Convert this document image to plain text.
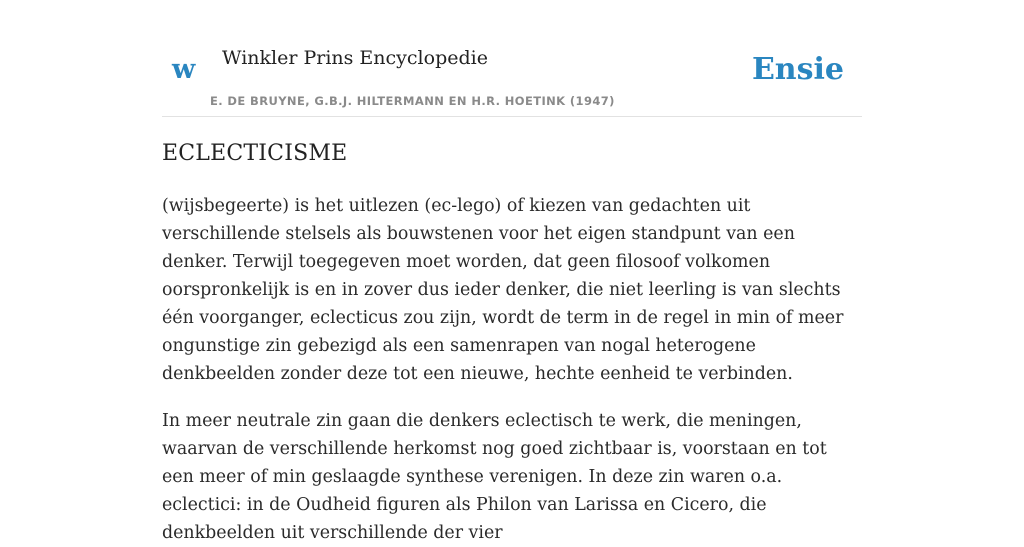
w Winkler Prins Encyclopedie
E. DE BRUYNE, G.B.J. HILTERMANN EN H.R. HOETINK (1947)
Ensie
ECLECTICISME

(wijsbegeerte) is het uitlezen (ec-lego) of kiezen van gedachten uit verschillende stelsels als bouwstenen voor het eigen standpunt van een denker. Terwijl toegegeven moet worden, dat geen filosoof volkomen oorspronkelijk is en in zover dus ieder denker, die niet leerling is van slechts één voorganger, eclecticus zou zijn, wordt de term in de regel in min of meer ongunstige zin gebezigd als een samenrapen van nogal heterogene denkbeelden zonder deze tot een nieuwe, hechte eenheid te verbinden.

In meer neutrale zin gaan die denkers eclectisch te werk, die meningen, waarvan de verschillende herkomst nog goed zichtbaar is, voorstaan en tot een meer of min geslaagde synthese verenigen. In deze zin waren o.a. eclectici: in de Oudheid figuren als Philon van Larissa en Cicero, die denkbeelden uit verschillende der vier
